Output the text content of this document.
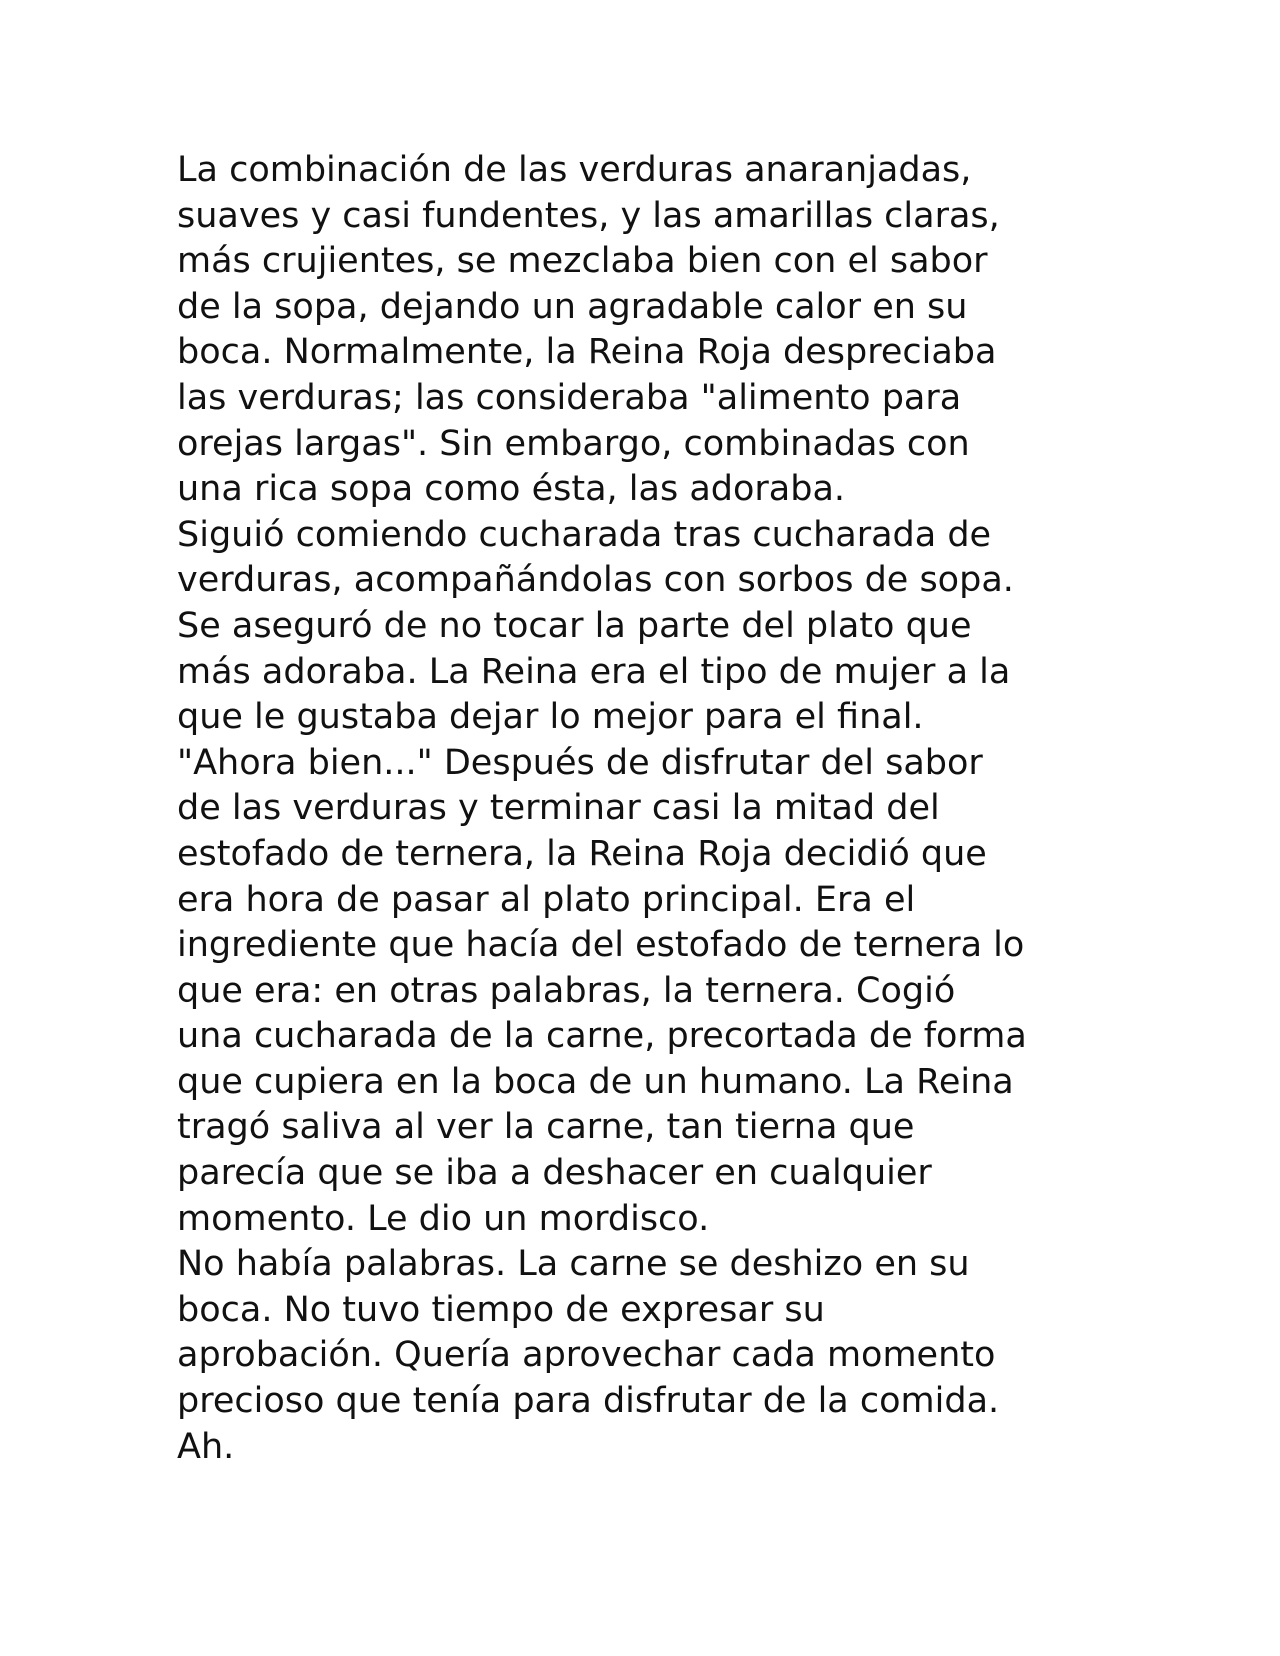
La combinación de las verduras anaranjadas,
suaves y casi fundentes, y las amarillas claras,
más crujientes, se mezclaba bien con el sabor
de la sopa, dejando un agradable calor en su
boca. Normalmente, la Reina Roja despreciaba
las verduras; las consideraba "alimento para
orejas largas". Sin embargo, combinadas con
una rica sopa como ésta, las adoraba.
Siguió comiendo cucharada tras cucharada de
verduras, acompañándolas con sorbos de sopa.
Se aseguró de no tocar la parte del plato que
más adoraba. La Reina era el tipo de mujer a la
que le gustaba dejar lo mejor para el final.
"Ahora bien..." Después de disfrutar del sabor
de las verduras y terminar casi la mitad del
estofado de ternera, la Reina Roja decidió que
era hora de pasar al plato principal. Era el
ingrediente que hacía del estofado de ternera lo
que era: en otras palabras, la ternera. Cogió
una cucharada de la carne, precortada de forma
que cupiera en la boca de un humano. La Reina
tragó saliva al ver la carne, tan tierna que
parecía que se iba a deshacer en cualquier
momento. Le dio un mordisco.
No había palabras. La carne se deshizo en su
boca. No tuvo tiempo de expresar su
aprobación. Quería aprovechar cada momento
precioso que tenía para disfrutar de la comida.
Ah.
